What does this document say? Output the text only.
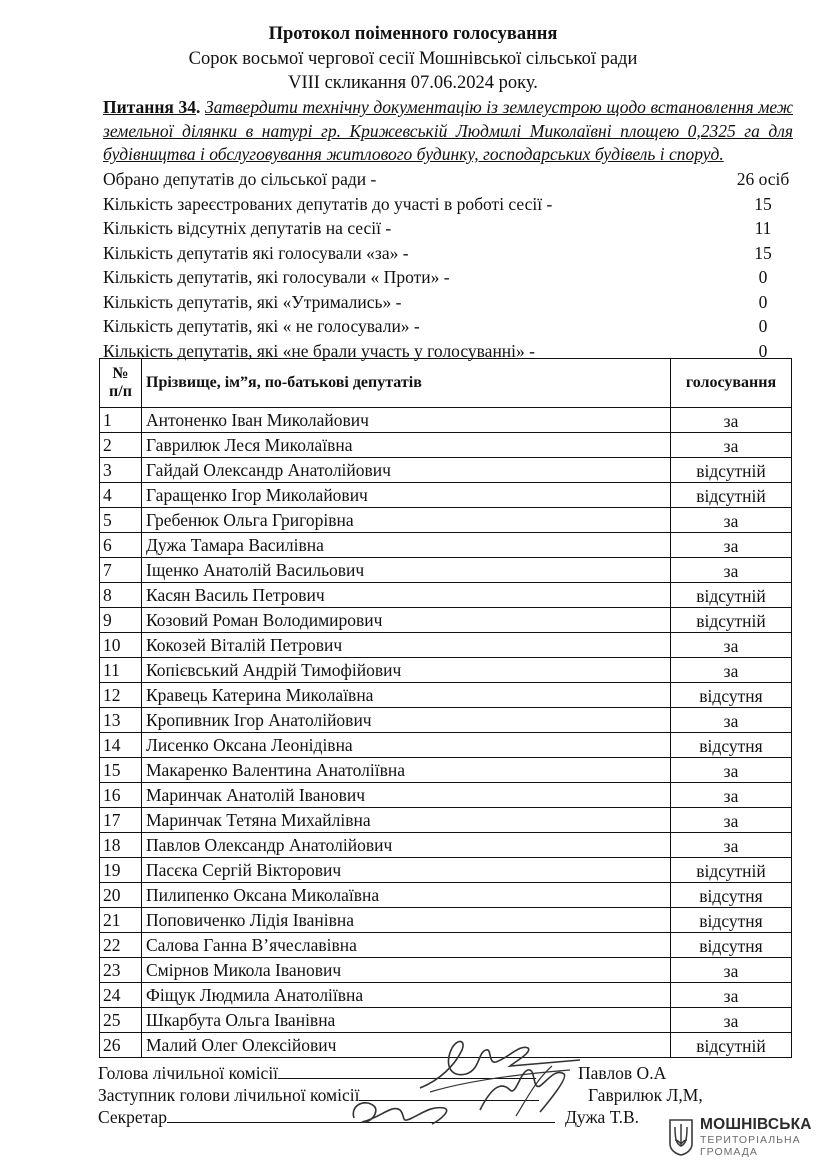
Протокол поіменного голосування
Сорок восьмої чергової сесії Мошнівської сільської ради
VIII скликання 07.06.2024 року.
Питання 34. Затвердити технічну документацію із землеустрою щодо встановлення меж земельної ділянки в натурі гр. Крижевській Людмилі Миколаївні площею 0,2325 га для будівництва і обслуговування житлового будинку, господарських будівель і споруд.
Обрано депутатів до сільської ради -	26 осіб
Кількість зареєстрованих депутатів до участі в роботі сесії -	15
Кількість відсутніх депутатів на сесії -	11
Кількість депутатів які голосували «за» -	15
Кількість депутатів, які голосували « Проти» -	0
Кількість депутатів, які «Утримались» -	0
Кількість депутатів, які « не голосували» -	0
Кількість депутатів, які «не брали участь у голосуванні» -	0
№
п/п	Прізвище, ім”я, по-батькові депутатів	голосування
1	Антоненко Іван Миколайович	за
2	Гаврилюк Леся Миколаївна	за
3	Гайдай Олександр Анатолійович	відсутній
4	Гаращенко Ігор Миколайович	відсутній
5	Гребенюк Ольга Григорівна	за
6	Дужа Тамара Василівна	за
7	Іщенко Анатолій Васильович	за
8	Касян Василь Петрович	відсутній
9	Козовий Роман Володимирович	відсутній
10	Кокозей Віталій Петрович	за
11	Копієвський Андрій Тимофійович	за
12	Кравець Катерина Миколаївна	відсутня
13	Кропивник Ігор Анатолійович	за
14	Лисенко Оксана Леонідівна	відсутня
15	Макаренко Валентина Анатоліївна	за
16	Маринчак Анатолій Іванович	за
17	Маринчак Тетяна Михайлівна	за
18	Павлов Олександр Анатолійович	за
19	Пасєка Сергій Вікторович	відсутній
20	Пилипенко Оксана Миколаївна	відсутня
21	Поповиченко Лідія Іванівна	відсутня
22	Салова Ганна В’ячеславівна	відсутня
23	Смірнов Микола Іванович	за
24	Фіщук Людмила Анатоліївна	за
25	Шкарбута Ольга Іванівна	за
26	Малий Олег Олексійович	відсутній
Голова лічильної комісії	Павлов О.А
Заступник голови лічильної комісії	Гаврилюк Л,М,
Секретар	Дужа Т.В.	МОШНІВСЬКА
ТЕРИТОРІАЛЬНА
ГРОМАДА
